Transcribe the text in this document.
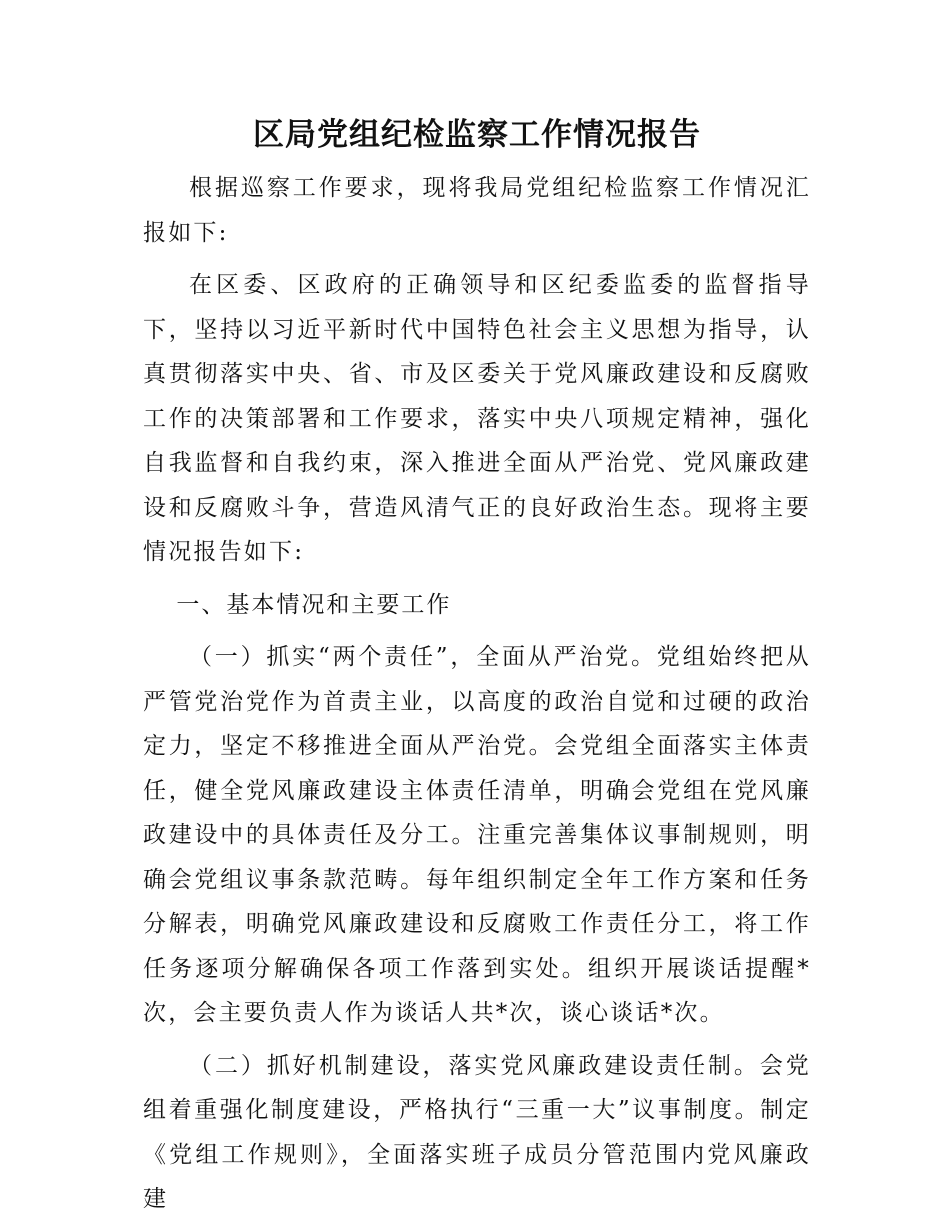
区局党组纪检监察工作情况报告

根据巡察工作要求，现将我局党组纪检监察工作情况汇报如下:

在区委、区政府的正确领导和区纪委监委的监督指导下，坚持以习近平新时代中国特色社会主义思想为指导，认真贯彻落实中央、省、市及区委关于党风廉政建设和反腐败工作的决策部署和工作要求，落实中央八项规定精神，强化自我监督和自我约束，深入推进全面从严治党、党风廉政建设和反腐败斗争，营造风清气正的良好政治生态。现将主要情况报告如下:

一、基本情况和主要工作

（一）抓实“两个责任”，全面从严治党。党组始终把从严管党治党作为首责主业，以高度的政治自觉和过硬的政治定力，坚定不移推进全面从严治党。会党组全面落实主体责任，健全党风廉政建设主体责任清单，明确会党组在党风廉政建设中的具体责任及分工。注重完善集体议事制规则，明确会党组议事条款范畴。每年组织制定全年工作方案和任务分解表，明确党风廉政建设和反腐败工作责任分工，将工作任务逐项分解确保各项工作落到实处。组织开展谈话提醒*次，会主要负责人作为谈话人共*次，谈心谈话*次。

（二）抓好机制建设，落实党风廉政建设责任制。会党组着重强化制度建设，严格执行“三重一大”议事制度。制定《党组工作规则》，全面落实班子成员分管范围内党风廉政建
